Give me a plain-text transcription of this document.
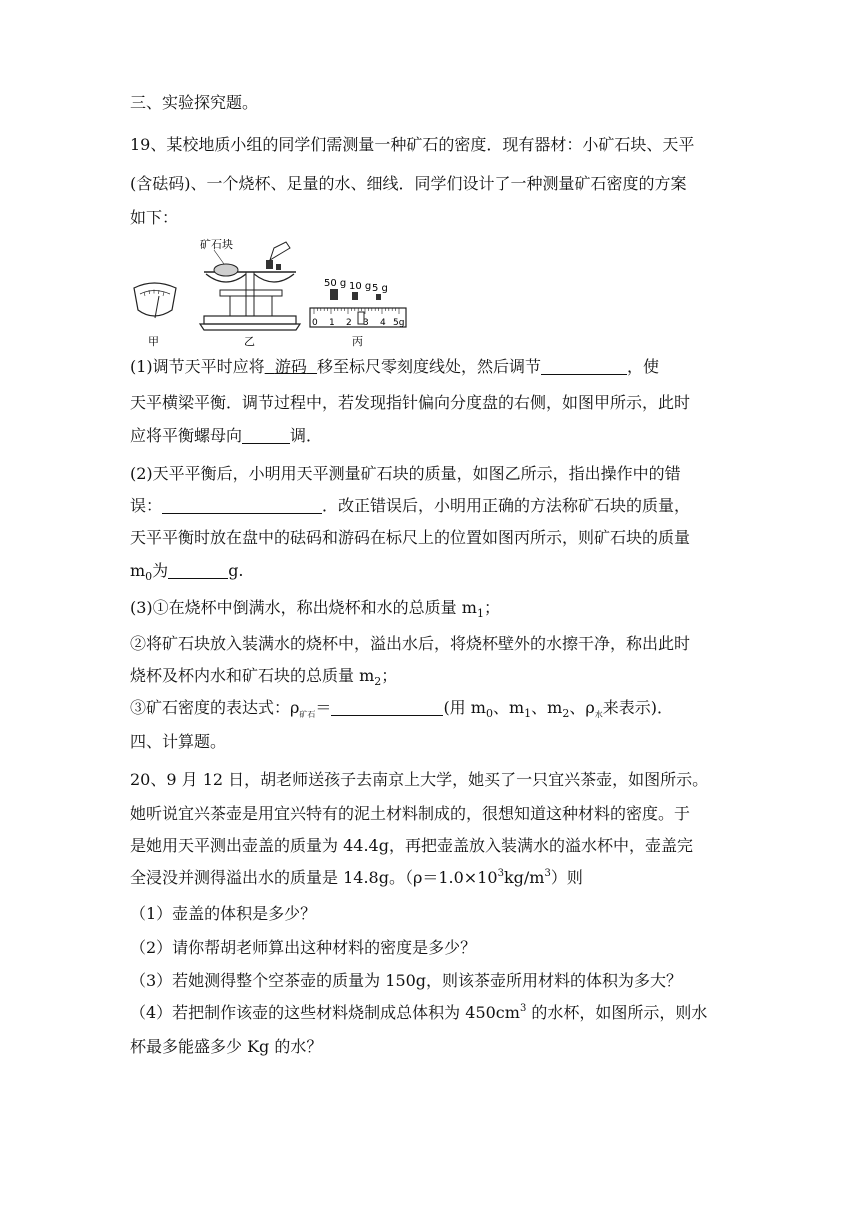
三、实验探究题。

19、某校地质小组的同学们需测量一种矿石的密度．现有器材：小矿石块、天平

(含砝码)、一个烧杯、足量的水、细线．同学们设计了一种测量矿石密度的方案

如下：

甲
矿石块
乙
50 g 10 g 5 g
0 1 2 3 4 5g
丙

(1)调节天平时应将 游码 移至标尺零刻度线处，然后调节	，使

天平横梁平衡．调节过程中，若发现指针偏向分度盘的右侧，如图甲所示，此时

应将平衡螺母向	调．

(2)天平平衡后，小明用天平测量矿石块的质量，如图乙所示，指出操作中的错

误：	．改正错误后，小明用正确的方法称矿石块的质量，

天平平衡时放在盘中的砝码和游码在标尺上的位置如图丙所示，则矿石块的质量

$m_0$为	g.

(3)①在烧杯中倒满水，称出烧杯和水的总质量 $m_1$；

②将矿石块放入装满水的烧杯中，溢出水后，将烧杯壁外的水擦干净，称出此时

烧杯及杯内水和矿石块的总质量 $m_2$；

③矿石密度的表达式：$\rho_{矿石}=$	(用 $m_0$、$m_1$、$m_2$、$\rho_水$来表示)．

四、计算题。

20、9 月 12 日，胡老师送孩子去南京上大学，她买了一只宜兴茶壶，如图所示。

她听说宜兴茶壶是用宜兴特有的泥土材料制成的，很想知道这种材料的密度。于

是她用天平测出壶盖的质量为 44.4g，再把壶盖放入装满水的溢水杯中，壶盖完

全浸没并测得溢出水的质量是 14.8g。$(\rho=1.0\times 10^3kg/m^3)$则

（1）壶盖的体积是多少？

（2）请你帮胡老师算出这种材料的密度是多少？

（3）若她测得整个空茶壶的质量为 150g，则该茶壶所用材料的体积为多大？

（4）若把制作该壶的这些材料烧制成总体积为 $450cm^3$ 的水杯，如图所示，则水

杯最多能盛多少 Kg 的水？
